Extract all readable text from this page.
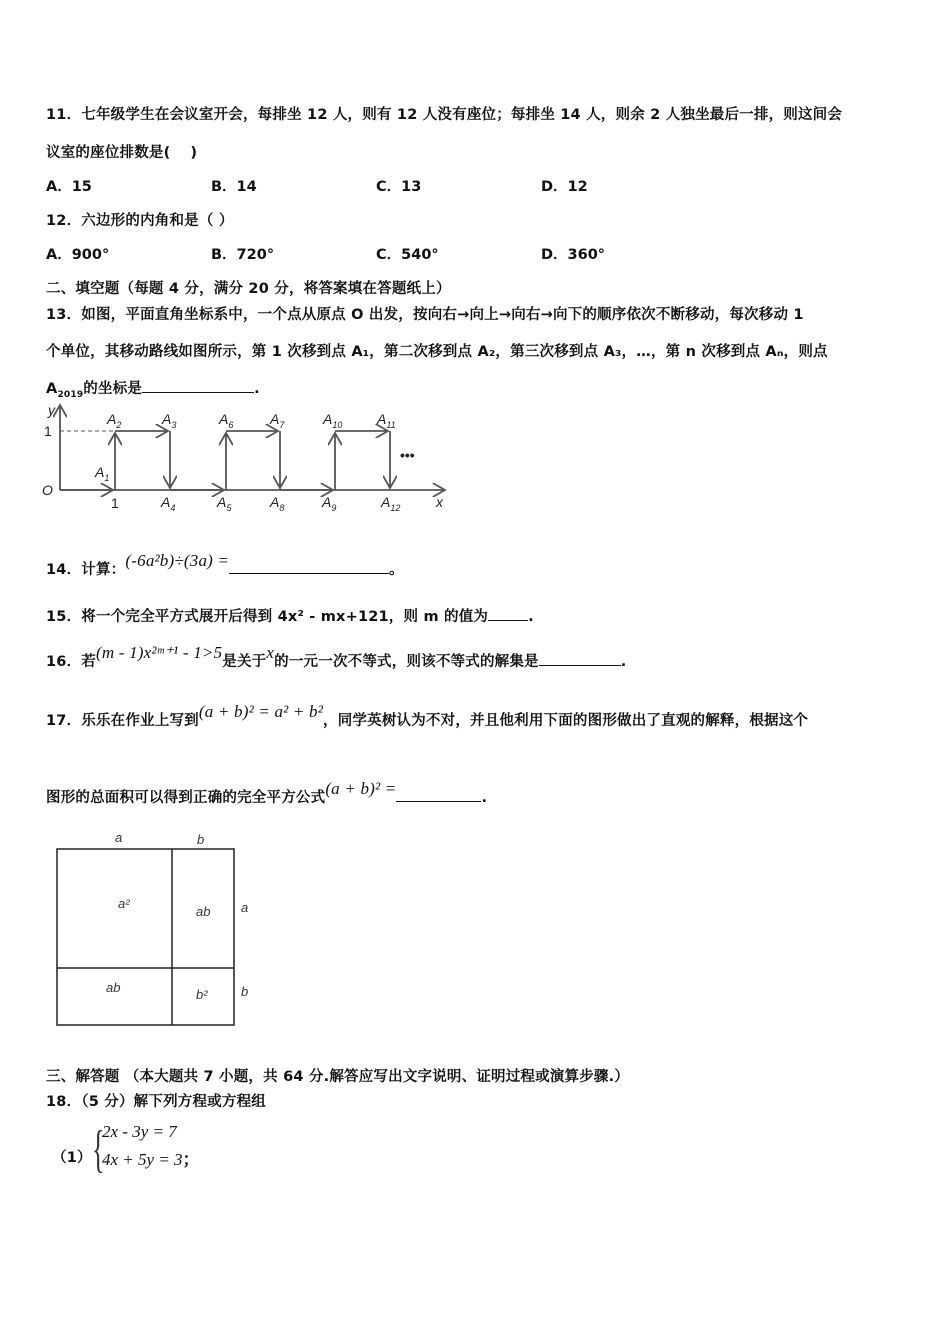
11．七年级学生在会议室开会，每排坐 12 人，则有 12 人没有座位；每排坐 14 人，则余 2 人独坐最后一排，则这间会
议室的座位排数是(　 )
A．15	B．14	C．13	D．12
12．六边形的内角和是（ ）
A．900°	B．720°	C．540°	D．360°
二、填空题（每题 4 分，满分 20 分，将答案填在答题纸上）
13．如图，平面直角坐标系中，一个点从原点 O 出发，按向右→向上→向右→向下的顺序依次不断移动，每次移动 1
个单位，其移动路线如图所示，第 1 次移到点 A₁，第二次移到点 A₂，第三次移到点 A₃，…，第 n 次移到点 Aₙ，则点
$A_{2019}$的坐标是	.
y
x
O
1
1
•••
$A_1$
$A_2$	$A_3$
$A_4$	$A_5$
$A_6$	$A_7$
$A_8$	$A_9$
$A_{10}$ $A_{11}$
$A_{12}$
14．计算：(-6a²b)÷(3a) =	。
15．将一个完全平方式展开后得到 4x² - mx+121，则 m 的值为	.
16．若(m - 1)x²ᵐ⁺¹ - 1>5是关于x的一元一次不等式，则该不等式的解集是	.
17．乐乐在作业上写到(a + b)² = a² + b²，同学英树认为不对，并且他利用下面的图形做出了直观的解释，根据这个
图形的总面积可以得到正确的完全平方公式(a + b)² =	.
a	b
a
b
a²
ab
ab	b²
三、解答题 （本大题共 7 小题，共 64 分.解答应写出文字说明、证明过程或演算步骤.）
18．（5 分）解下列方程或方程组
（1） {
2x - 3y = 7
4x + 5y = 3；
